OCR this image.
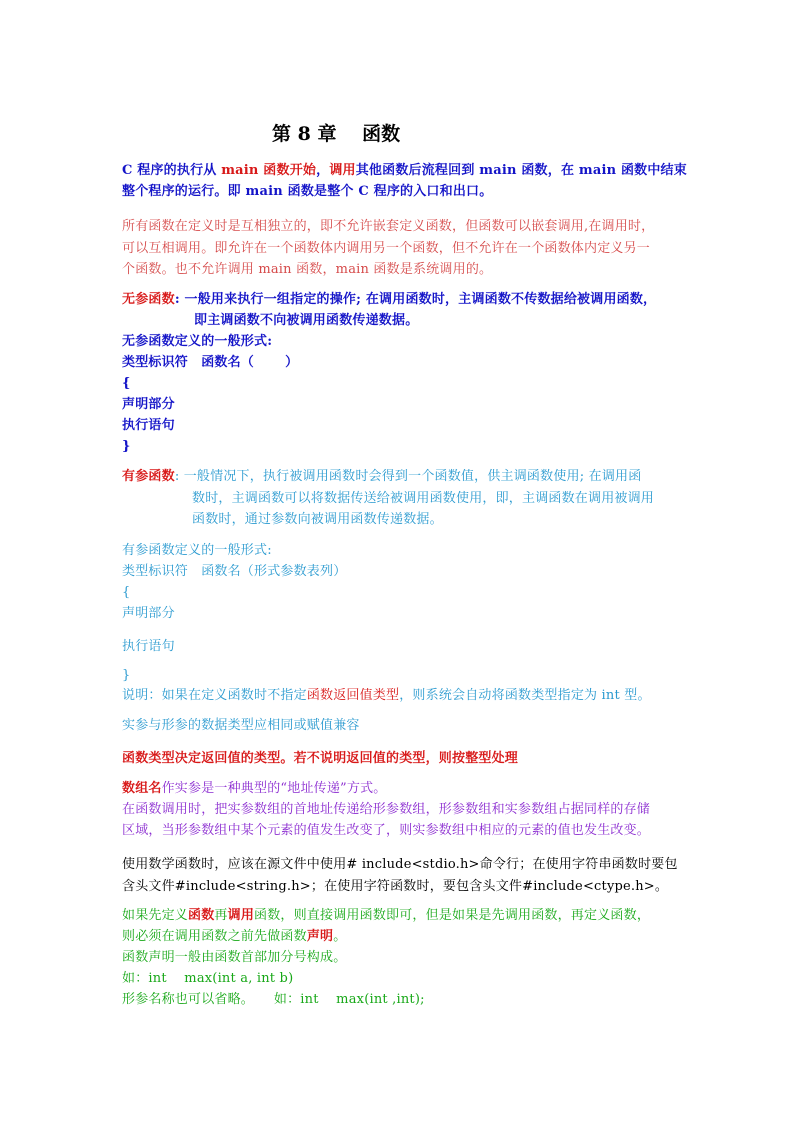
第 8 章　 函数
C 程序的执行从 main 函数开始，调用其他函数后流程回到 main 函数，在 main 函数中结束
整个程序的运行。即 main 函数是整个 C 程序的入口和出口。
所有函数在定义时是互相独立的，即不允许嵌套定义函数，但函数可以嵌套调用,在调用时，
可以互相调用。即允许在一个函数体内调用另一个函数，但不允许在一个函数体内定义另一
个函数。也不允许调用 main 函数，main 函数是系统调用的。
无参函数: 一般用来执行一组指定的操作; 在调用函数时，主调函数不传数据给被调用函数，
即主调函数不向被调用函数传递数据。
无参函数定义的一般形式:
类型标识符　函数名（　　 ）
{
声明部分
执行语句
}
有参函数: 一般情况下，执行被调用函数时会得到一个函数值，供主调函数使用; 在调用函
数时，主调函数可以将数据传送给被调用函数使用，即，主调函数在调用被调用
函数时，通过参数向被调用函数传递数据。
有参函数定义的一般形式:
类型标识符　函数名（形式参数表列）
{
声明部分
执行语句
}
说明：如果在定义函数时不指定函数返回值类型，则系统会自动将函数类型指定为 int 型。
实参与形参的数据类型应相同或赋值兼容
函数类型决定返回值的类型。若不说明返回值的类型，则按整型处理
数组名作实参是一种典型的“地址传递”方式。
在函数调用时，把实参数组的首地址传递给形参数组，形参数组和实参数组占据同样的存储
区域，当形参数组中某个元素的值发生改变了，则实参数组中相应的元素的值也发生改变。
使用数学函数时，应该在源文件中使用# include<stdio.h>命令行；在使用字符串函数时要包
含头文件#include<string.h>；在使用字符函数时，要包含头文件#include<ctype.h>。
如果先定义函数再调用函数，则直接调用函数即可，但是如果是先调用函数，再定义函数，
则必须在调用函数之前先做函数声明。
函数声明一般由函数首部加分号构成。
如：int　 max(int a, int b)
形参名称也可以省略。　　如：int　 max(int ,int);
